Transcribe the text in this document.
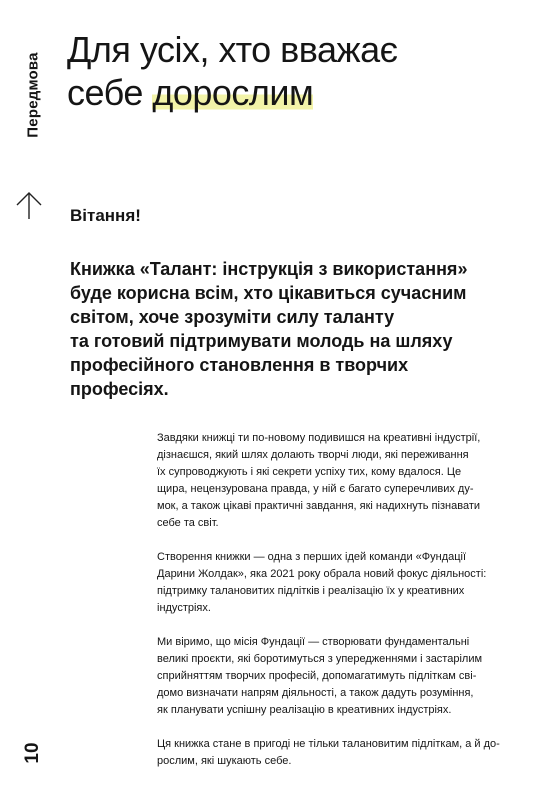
Передмова
10
Для усіх, хто вважає
себе дорослим
Вітання!

Книжка «Талант: інструкція з використання»
буде корисна всім, хто цікавиться сучасним
світом, хоче зрозуміти силу таланту
та готовий підтримувати молодь на шляху
професійного становлення в творчих
професіях.

Завдяки книжці ти по-новому подивишся на креативні індустрії,
дізнаєшся, який шлях долають творчі люди, які переживання
їх супроводжують і які секрети успіху тих, кому вдалося. Це
щира, нецензурована правда, у ній є багато суперечливих ду-
мок, а також цікаві практичні завдання, які надихнуть пізнавати
себе та світ.

Створення книжки — одна з перших ідей команди «Фундації
Дарини Жолдак», яка 2021 року обрала новий фокус діяльності:
підтримку талановитих підлітків і реалізацію їх у креативних
індустріях.

Ми віримо, що місія Фундації — створювати фундаментальні
великі проєкти, які боротимуться з упередженнями і застарілим
сприйняттям творчих професій, допомагатимуть підліткам сві-
домо визначати напрям діяльності, а також дадуть розуміння,
як планувати успішну реалізацію в креативних індустріях.

Ця книжка стане в пригоді не тільки талановитим підліткам, а й до-
рослим, які шукають себе.
